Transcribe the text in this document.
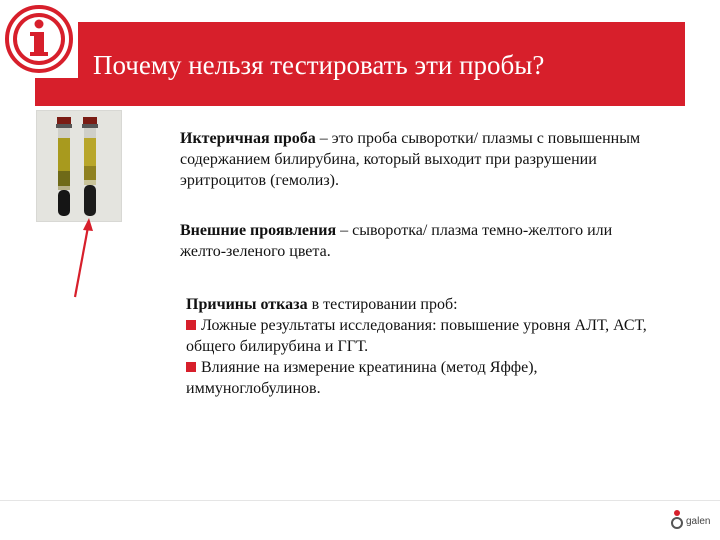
Почему нельзя тестировать эти пробы?
Иктеричная проба – это проба сыворотки/ плазмы с повышенным содержанием билирубина, который выходит при разрушении эритроцитов (гемолиз).
Внешние проявления – сыворотка/ плазма темно-желтого или желто-зеленого цвета.
Причины отказа в тестировании проб:
Ложные результаты исследования: повышение уровня АЛТ, АСТ, общего билирубина и ГГТ.
Влияние на измерение креатинина (метод Яффе), иммуноглобулинов.
galen
